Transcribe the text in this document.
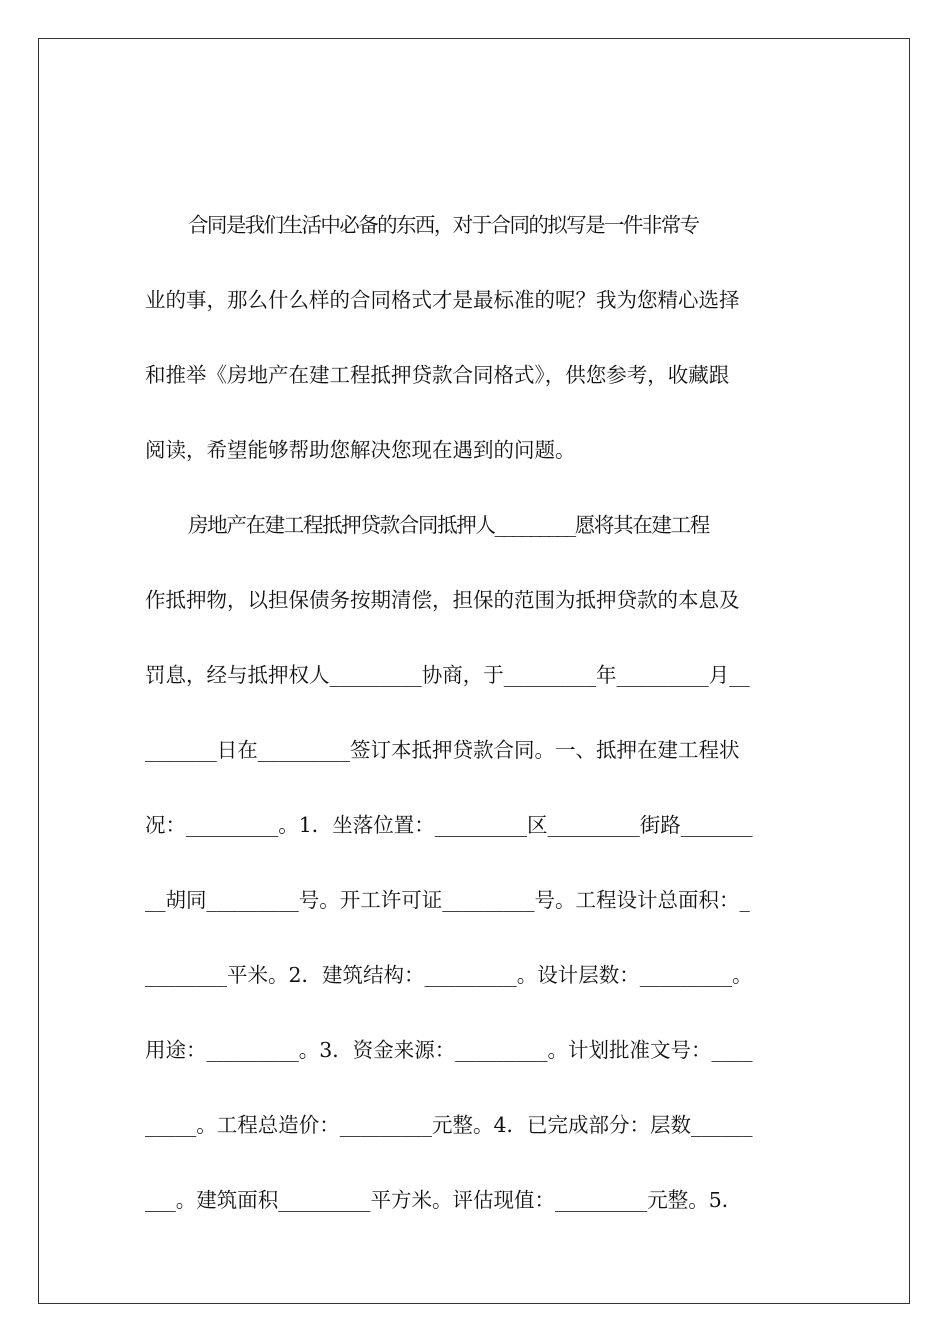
合同是我们生活中必备的东西，对于合同的拟写是一件非常专
业的事，那么什么样的合同格式才是最标准的呢？我为您精心选择
和推举《房地产在建工程抵押贷款合同格式》，供您参考，收藏跟
阅读，希望能够帮助您解决您现在遇到的问题。
房地产在建工程抵押贷款合同抵押人_________愿将其在建工程
作抵押物，以担保债务按期清偿，担保的范围为抵押贷款的本息及
罚息，经与抵押权人_________协商，于_________年_________月__
_______日在_________签订本抵押贷款合同。一、抵押在建工程状
况：_________。1．坐落位置：_________区_________街路_______
__胡同_________号。开工许可证_________号。工程设计总面积：_
________平米。2．建筑结构：_________。设计层数：_________。
用途：_________。3．资金来源：_________。计划批准文号：____
_____。工程总造价：_________元整。4．已完成部分：层数______
___。建筑面积_________平方米。评估现值：_________元整。5．
